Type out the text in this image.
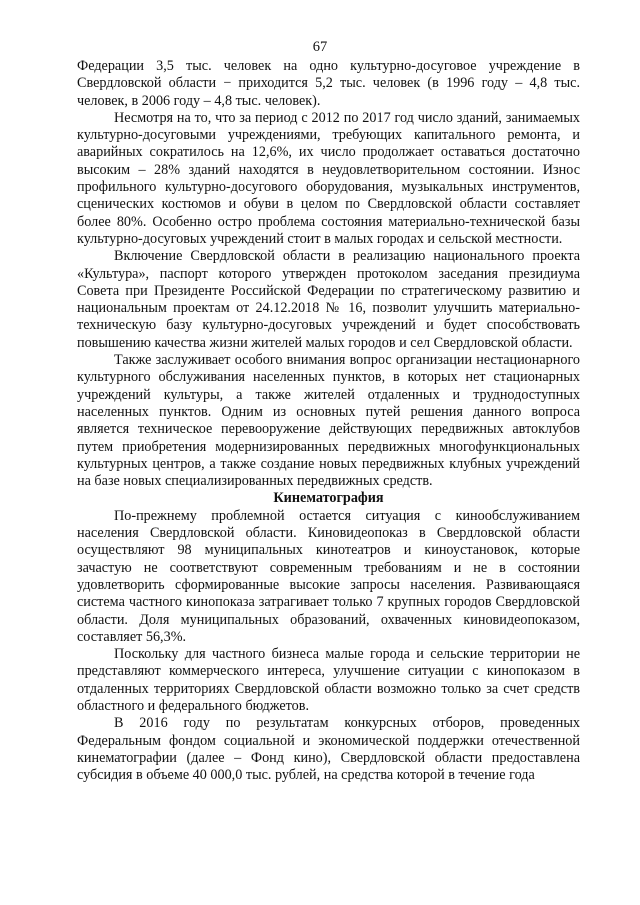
67

Федерации 3,5 тыс. человек на одно культурно-досуговое учреждение в Свердловской области − приходится 5,2 тыс. человек (в 1996 году – 4,8 тыс. человек, в 2006 году – 4,8 тыс. человек).

Несмотря на то, что за период с 2012 по 2017 год число зданий, занимаемых культурно-досуговыми учреждениями, требующих капитального ремонта, и аварийных сократилось на 12,6%, их число продолжает оставаться достаточно высоким – 28% зданий находятся в неудовлетворительном состоянии. Износ профильного культурно-досугового оборудования, музыкальных инструментов, сценических костюмов и обуви в целом по Свердловской области составляет более 80%. Особенно остро проблема состояния материально-технической базы культурно-досуговых учреждений стоит в малых городах и сельской местности.

Включение Свердловской области в реализацию национального проекта «Культура», паспорт которого утвержден протоколом заседания президиума Совета при Президенте Российской Федерации по стратегическому развитию и национальным проектам от 24.12.2018 № 16, позволит улучшить материально-техническую базу культурно-досуговых учреждений и будет способствовать повышению качества жизни жителей малых городов и сел Свердловской области.

Также заслуживает особого внимания вопрос организации нестационарного культурного обслуживания населенных пунктов, в которых нет стационарных учреждений культуры, а также жителей отдаленных и труднодоступных населенных пунктов. Одним из основных путей решения данного вопроса является техническое перевооружение действующих передвижных автоклубов путем приобретения модернизированных передвижных многофункциональных культурных центров, а также создание новых передвижных клубных учреждений на базе новых специализированных передвижных средств.

Кинематография

По-прежнему проблемной остается ситуация с кинообслуживанием населения Свердловской области. Киновидеопоказ в Свердловской области осуществляют 98 муниципальных кинотеатров и киноустановок, которые зачастую не соответствуют современным требованиям и не в состоянии удовлетворить сформированные высокие запросы населения. Развивающаяся система частного кинопоказа затрагивает только 7 крупных городов Свердловской области. Доля муниципальных образований, охваченных киновидеопоказом, составляет 56,3%.

Поскольку для частного бизнеса малые города и сельские территории не представляют коммерческого интереса, улучшение ситуации с кинопоказом в отдаленных территориях Свердловской области возможно только за счет средств областного и федерального бюджетов.

В 2016 году по результатам конкурсных отборов, проведенных Федеральным фондом социальной и экономической поддержки отечественной кинематографии (далее – Фонд кино), Свердловской области предоставлена субсидия в объеме 40 000,0 тыс. рублей, на средства которой в течение года
